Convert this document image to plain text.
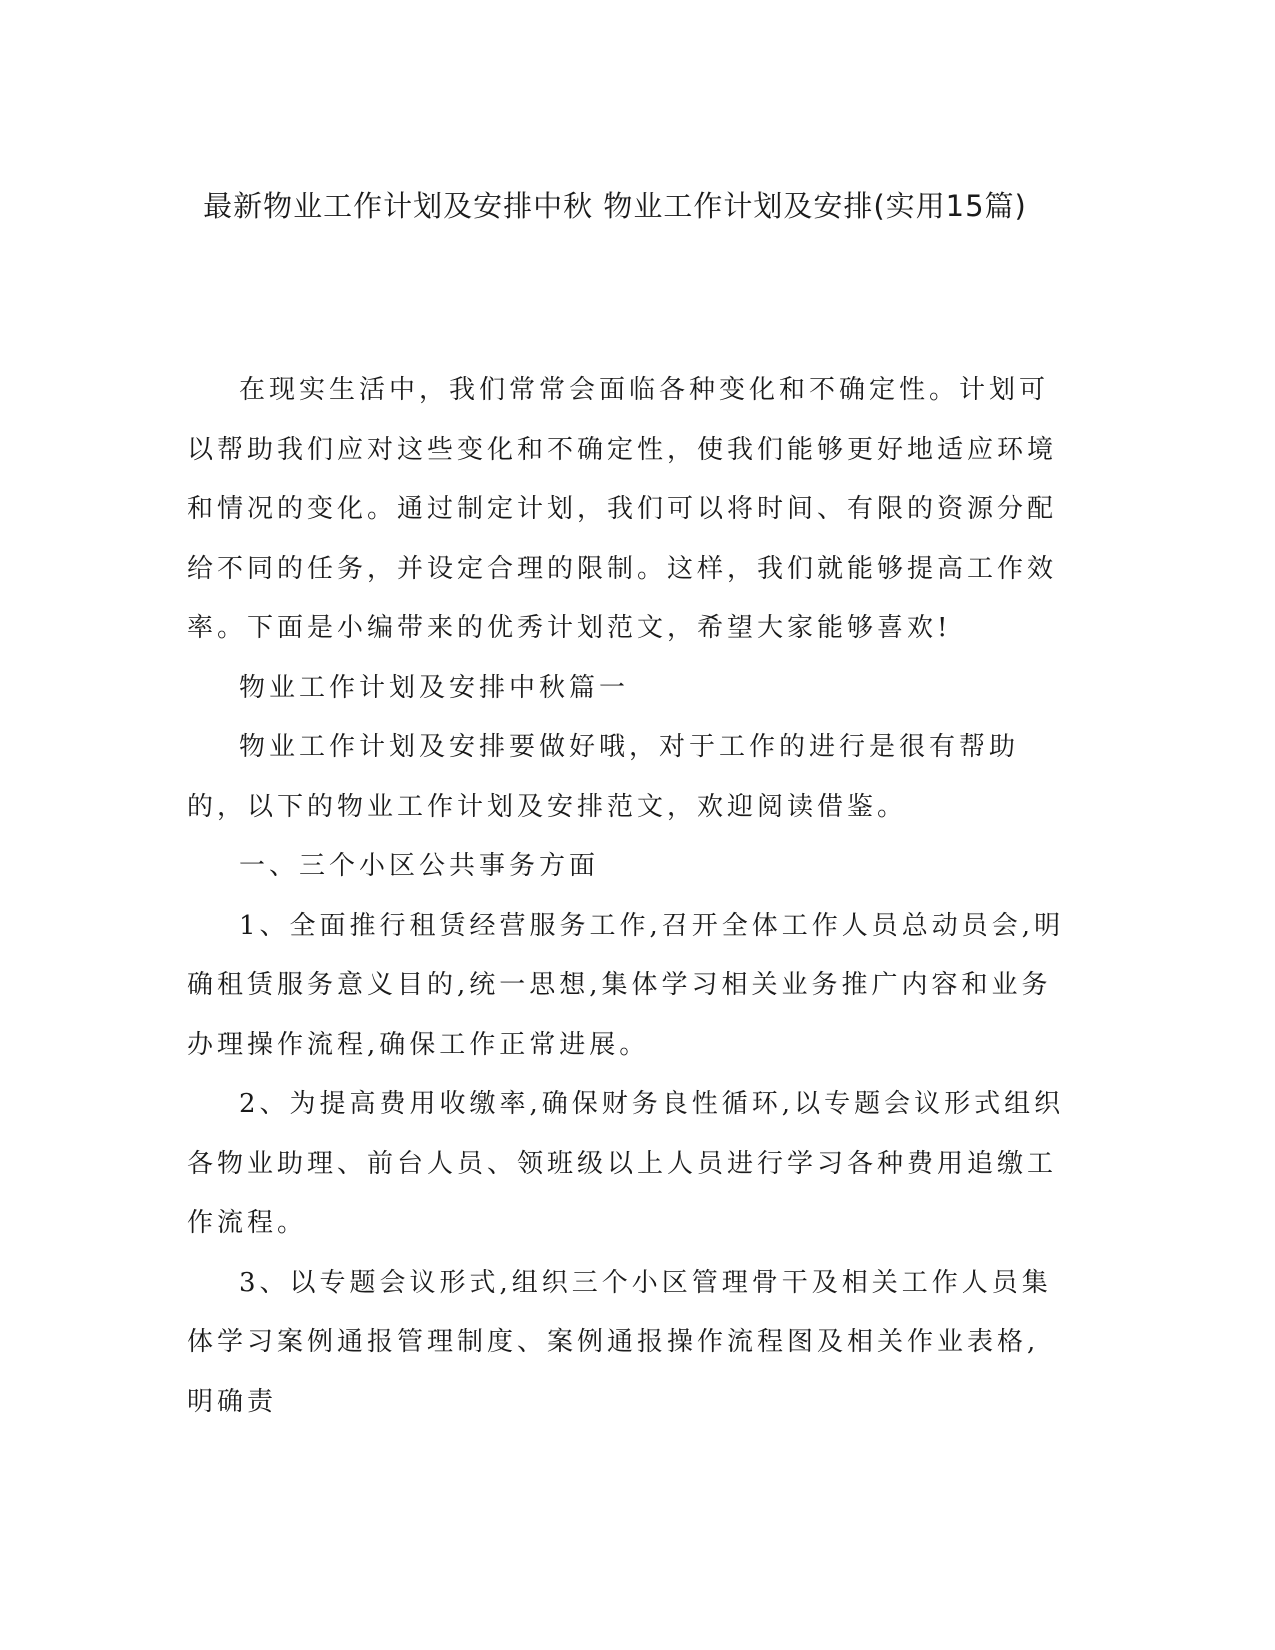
最新物业工作计划及安排中秋 物业工作计划及安排(实用15篇)

在现实生活中，我们常常会面临各种变化和不确定性。计划可以帮助我们应对这些变化和不确定性，使我们能够更好地适应环境和情况的变化。通过制定计划，我们可以将时间、有限的资源分配给不同的任务，并设定合理的限制。这样，我们就能够提高工作效率。下面是小编带来的优秀计划范文，希望大家能够喜欢!

物业工作计划及安排中秋篇一

物业工作计划及安排要做好哦，对于工作的进行是很有帮助的，以下的物业工作计划及安排范文，欢迎阅读借鉴。

一、三个小区公共事务方面

1、全面推行租赁经营服务工作,召开全体工作人员总动员会,明确租赁服务意义目的,统一思想,集体学习相关业务推广内容和业务办理操作流程,确保工作正常进展。

2、为提高费用收缴率,确保财务良性循环,以专题会议形式组织各物业助理、前台人员、领班级以上人员进行学习各种费用追缴工作流程。

3、以专题会议形式,组织三个小区管理骨干及相关工作人员集体学习案例通报管理制度、案例通报操作流程图及相关作业表格,明确责
